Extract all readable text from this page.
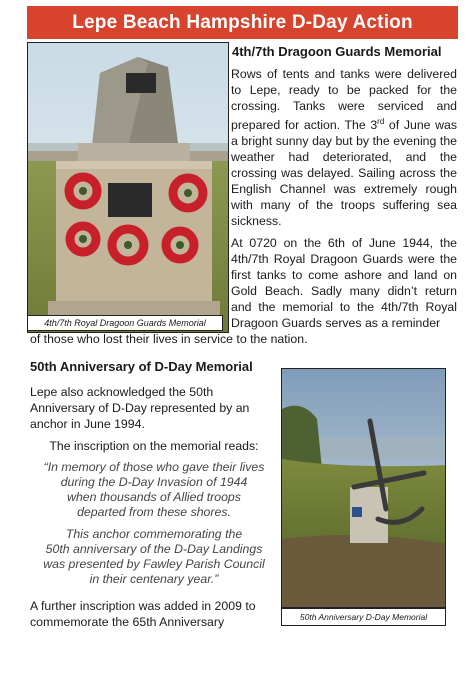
Lepe Beach Hampshire D-Day Action
4th/7th Royal Dragoon Guards Memorial
4th/7th Dragoon Guards Memorial
Rows of tents and tanks were delivered to Lepe, ready to be packed for the crossing. Tanks were serviced and prepared for action. The 3rd of June was a bright sunny day but by the evening the weather had deteriorated, and the crossing was delayed. Sailing across the English Channel was extremely rough with many of the troops suffering sea sickness.
At 0720 on the 6th of June 1944, the 4th/7th Royal Dragoon Guards were the first tanks to come ashore and land on Gold Beach. Sadly many didn’t return and the memorial to the 4th/7th Royal Dragoon Guards serves as a reminder
of those who lost their lives in service to the nation.
50th Anniversary of D-Day Memorial
Lepe also acknowledged the 50th Anniversary of D-Day represented by an anchor in June 1994.
The inscription on the memorial reads:
“In memory of those who gave their lives
during the D-Day Invasion of 1944
when thousands of Allied troops
departed from these shores.
This anchor commemorating the
50th anniversary of the D-Day Landings
was presented by Fawley Parish Council
in their centenary year.”
A further inscription was added in 2009 to commemorate the 65th Anniversary	50th Anniversary D-Day Memorial
